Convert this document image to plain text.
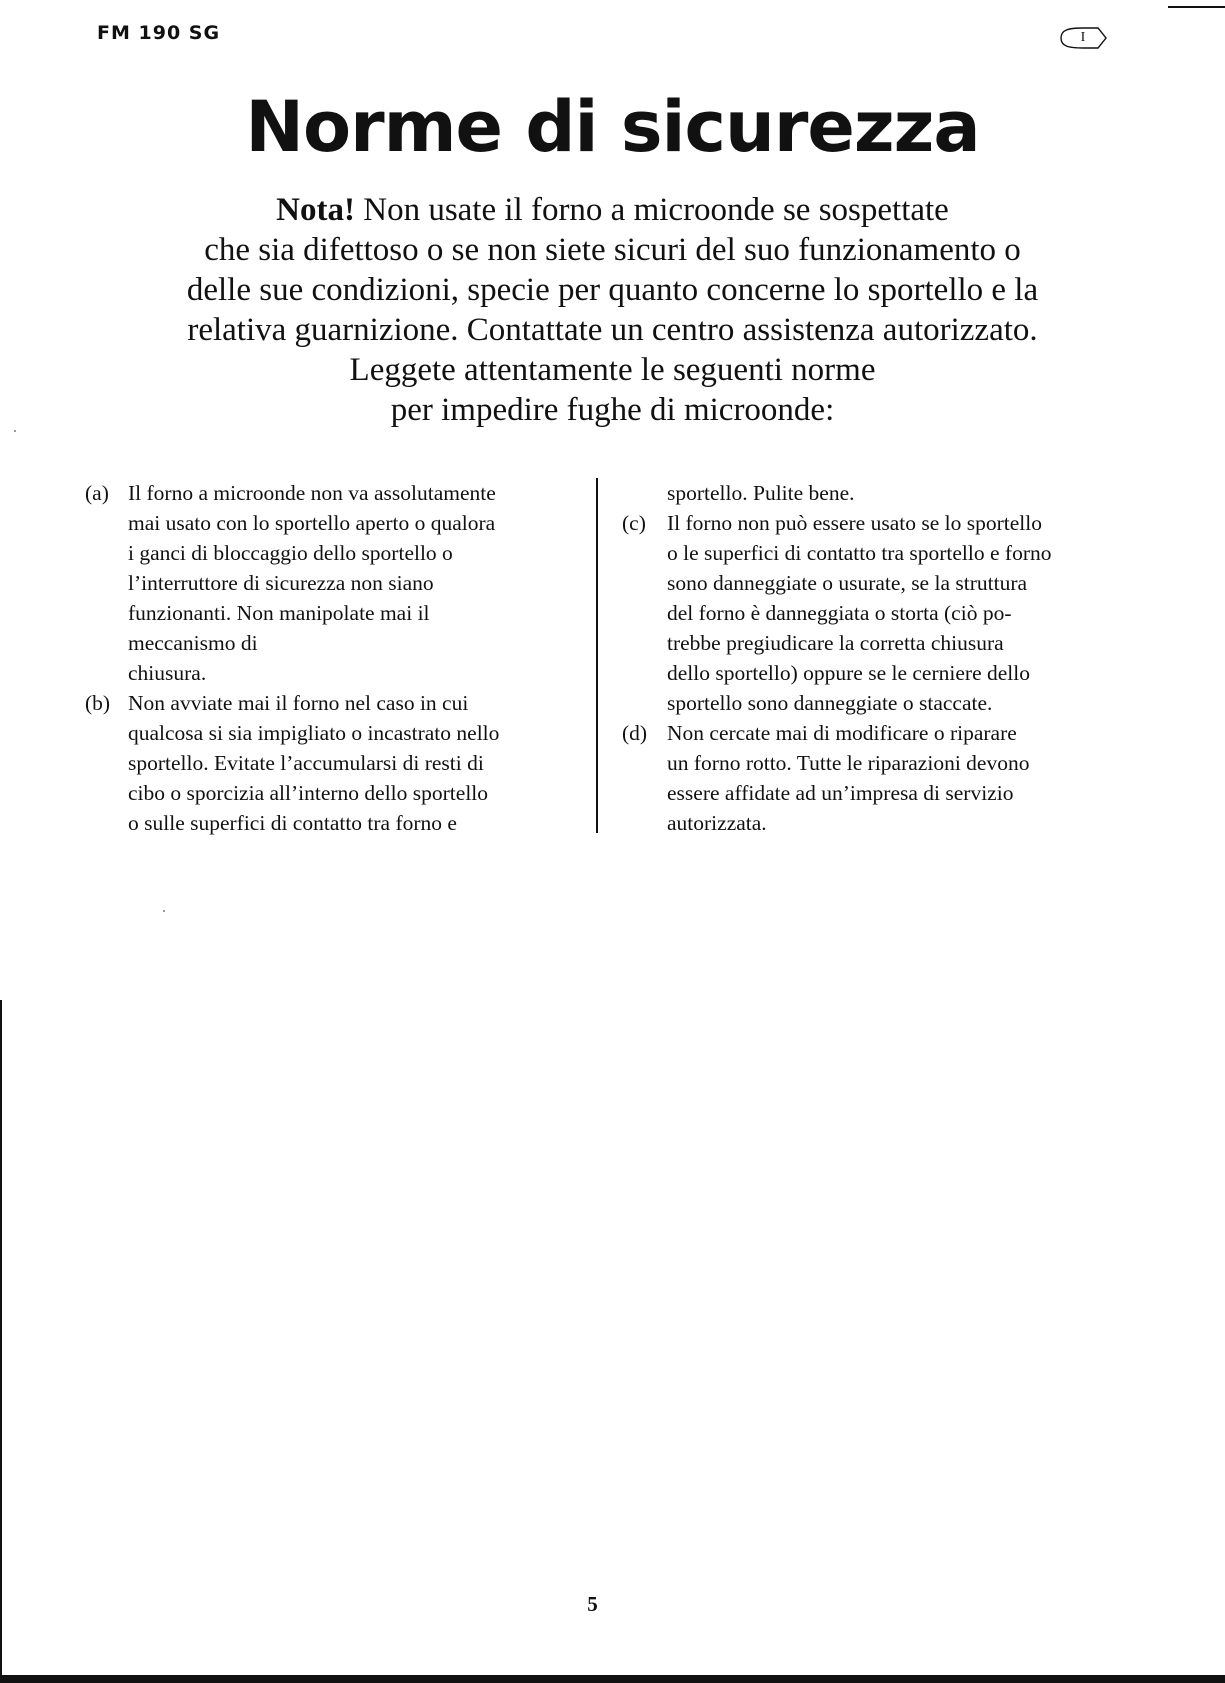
FM 190 SG	I
Norme di sicurezza
Nota! Non usate il forno a microonde se sospettate
che sia difettoso o se non siete sicuri del suo funzionamento o
delle sue condizioni, specie per quanto concerne lo sportello e la
relativa guarnizione. Contattate un centro assistenza autorizzato.
Leggete attentamente le seguenti norme
per impedire fughe di microonde:
(a) Il forno a microonde non va assolutamente
mai usato con lo sportello aperto o qualora
i ganci di bloccaggio dello sportello o
l’interruttore di sicurezza non siano
funzionanti. Non manipolate mai il
meccanismo di
chiusura.
(b) Non avviate mai il forno nel caso in cui
qualcosa si sia impigliato o incastrato nello
sportello. Evitate l’accumularsi di resti di
cibo o sporcizia all’interno dello sportello
o sulle superfici di contatto tra forno e
sportello. Pulite bene.
(c) Il forno non può essere usato se lo sportello
o le superfici di contatto tra sportello e forno
sono danneggiate o usurate, se la struttura
del forno è danneggiata o storta (ciò po-
trebbe pregiudicare la corretta chiusura
dello sportello) oppure se le cerniere dello
sportello sono danneggiate o staccate.
(d) Non cercate mai di modificare o riparare
un forno rotto. Tutte le riparazioni devono
essere affidate ad un’impresa di servizio
autorizzata.
5
